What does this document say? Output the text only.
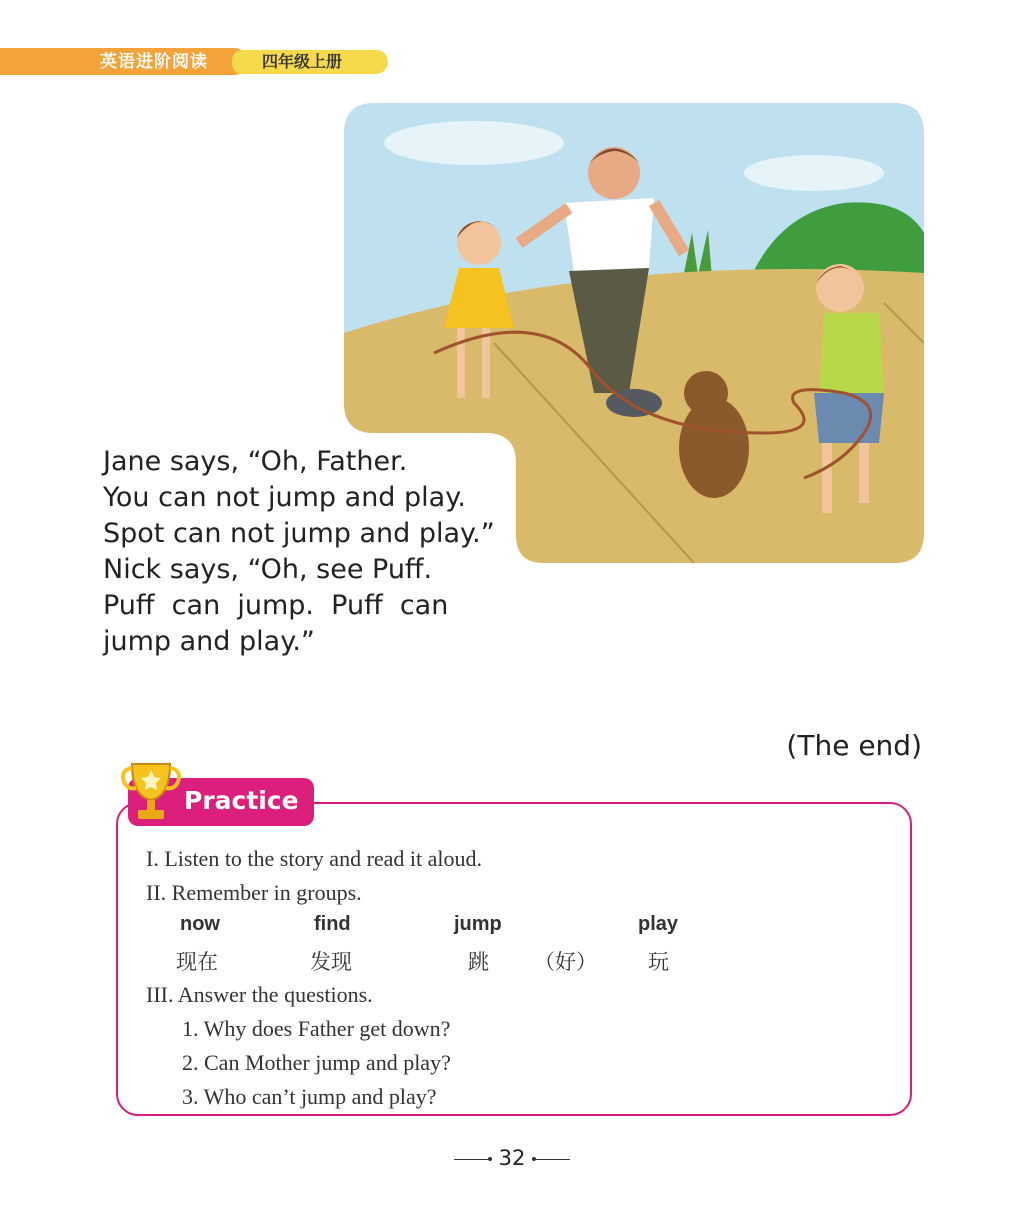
英语进阶阅读	四年级上册
Jane says, “Oh, Father.
You can not jump and play.
Spot can not jump and play.”
Nick says, “Oh, see Puff.
Puff  can  jump.  Puff  can
jump and play.”
(The end)
Practice
I. Listen to the story and read it aloud.
II. Remember in groups.
now	find	jump	play
现在	发现	跳 （好） 玩
III. Answer the questions.
1. Why does Father get down?
2. Can Mother jump and play?
3. Who can’t jump and play?
32
